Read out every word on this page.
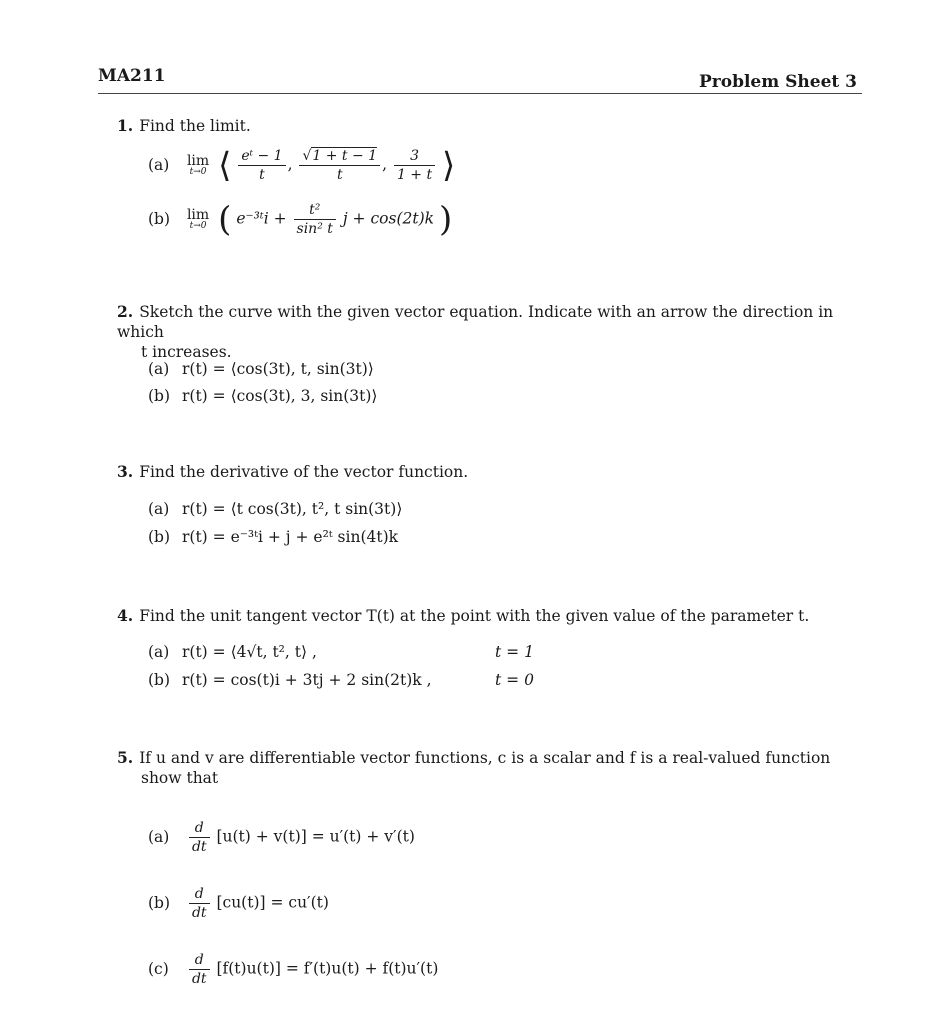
MA211	Problem Sheet 3
1. Find the limit.
(a) lim
t→0 ⟨ $\frac{\text{eᵗ − 1}}{t}$ , $\frac{√1 + t - 1}{t}$ , $\frac{3}{1 + t}$ ⟩
(b) lim
t→0 ( e⁻³ᵗi + $\frac{\text{t²}}{\text{sin² t}}$ j + cos(2t)k )
2. Sketch the curve with the given vector equation. Indicate with an arrow the direction in which
t increases.
(a) r(t) = ⟨cos(3t), t, sin(3t)⟩
(b) r(t) = ⟨cos(3t), 3, sin(3t)⟩
3. Find the derivative of the vector function.
(a) r(t) = ⟨t cos(3t), t², t sin(3t)⟩
(b) r(t) = e⁻³ᵗi + j + e²ᵗ sin(4t)k
4. Find the unit tangent vector T(t) at the point with the given value of the parameter t.
(a) r(t) = ⟨4√t, t², t⟩ ,	t = 1
(b) r(t) = cos(t)i + 3tj + 2 sin(2t)k ,	t = 0
5. If u and v are differentiable vector functions, c is a scalar and f is a real-valued function
show that
$(a) \frac{d}{dt} [u(t) + v(t)] = u'(t) + v'(t)$
$(b) \frac{d}{dt} [cu(t)] = cu'(t)$
$(c) \frac{d}{dt} [f(t)u(t)] = f'(t)u(t) + f(t)u'(t)$
